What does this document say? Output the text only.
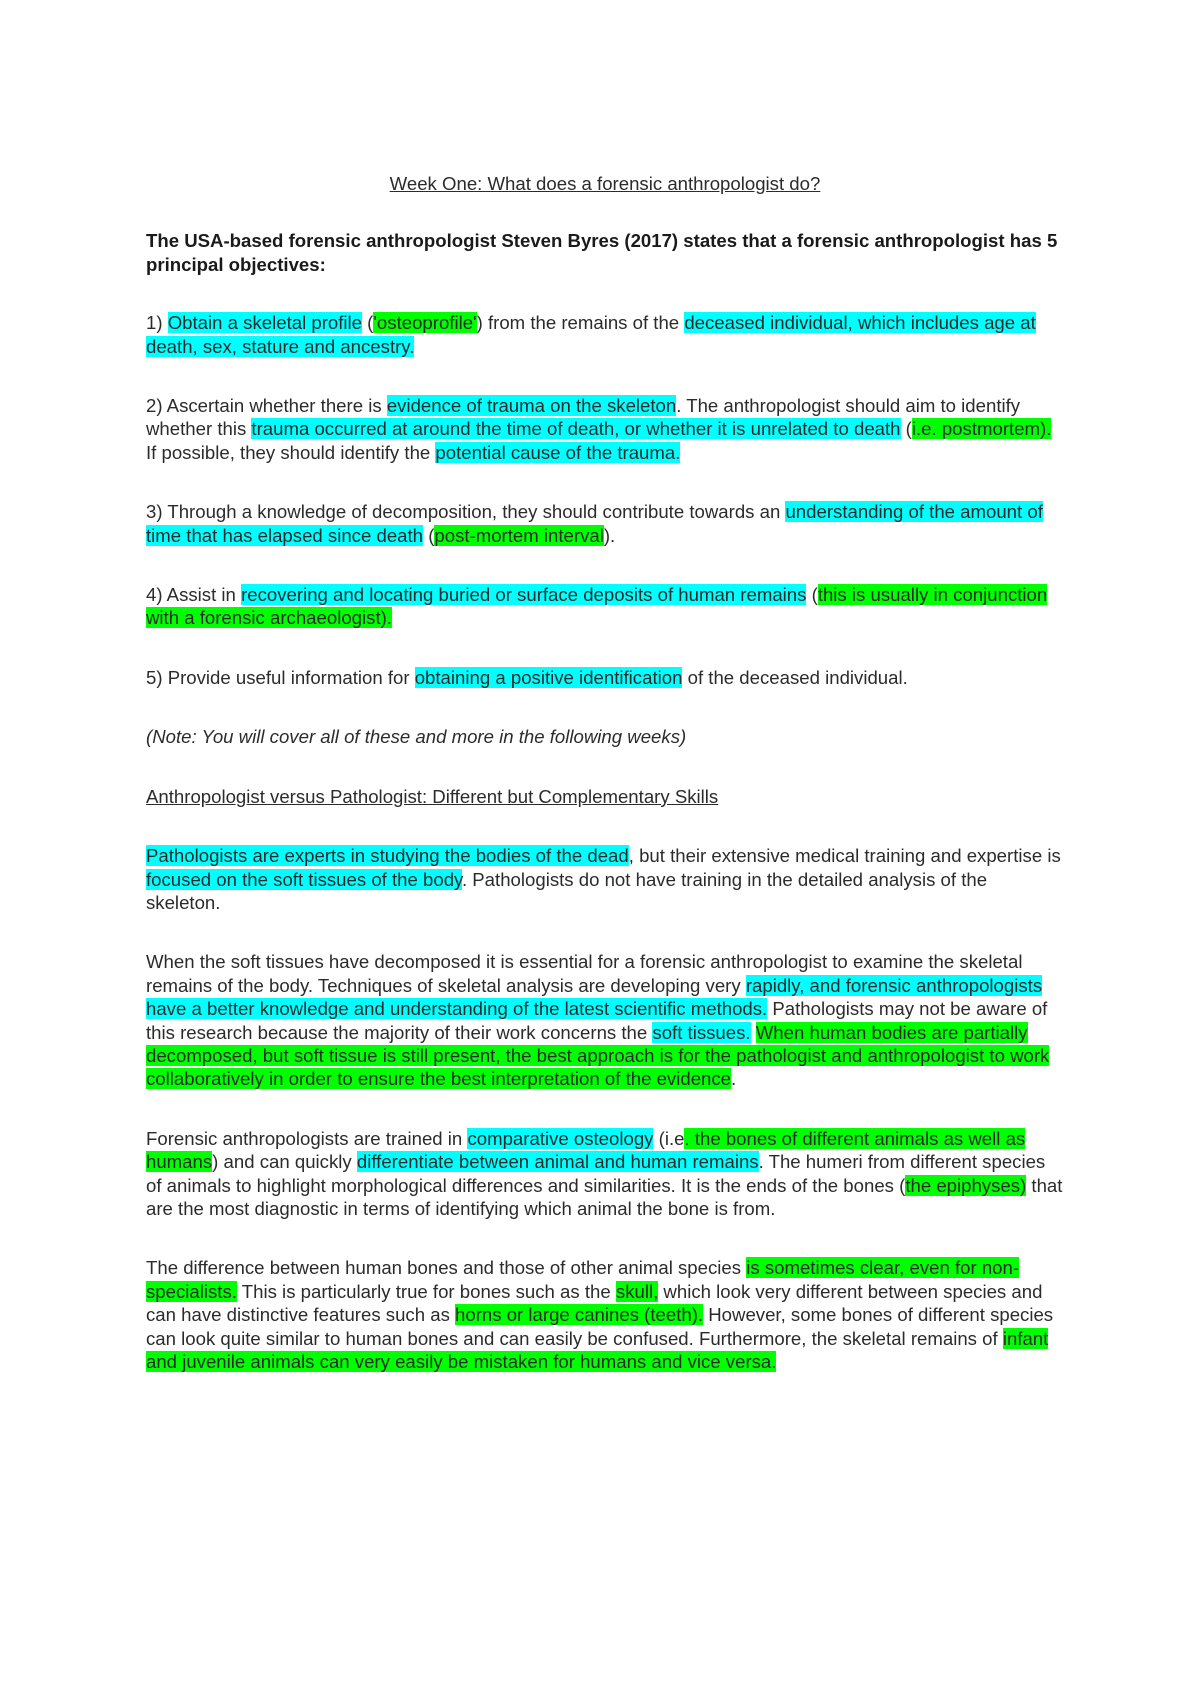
Week One: What does a forensic anthropologist do?

The USA-based forensic anthropologist Steven Byres (2017) states that a forensic anthropologist has 5 principal objectives:

1) Obtain a skeletal profile ('osteoprofile') from the remains of the deceased individual, which includes age at death, sex, stature and ancestry.

2) Ascertain whether there is evidence of trauma on the skeleton. The anthropologist should aim to identify whether this trauma occurred at around the time of death, or whether it is unrelated to death (i.e. postmortem). If possible, they should identify the potential cause of the trauma.

3) Through a knowledge of decomposition, they should contribute towards an understanding of the amount of time that has elapsed since death (post-mortem interval).

4) Assist in recovering and locating buried or surface deposits of human remains (this is usually in conjunction with a forensic archaeologist).

5) Provide useful information for obtaining a positive identification of the deceased individual.

(Note: You will cover all of these and more in the following weeks)

Anthropologist versus Pathologist: Different but Complementary Skills

Pathologists are experts in studying the bodies of the dead, but their extensive medical training and expertise is focused on the soft tissues of the body. Pathologists do not have training in the detailed analysis of the skeleton.

When the soft tissues have decomposed it is essential for a forensic anthropologist to examine the skeletal remains of the body. Techniques of skeletal analysis are developing very rapidly, and forensic anthropologists have a better knowledge and understanding of the latest scientific methods. Pathologists may not be aware of this research because the majority of their work concerns the soft tissues. When human bodies are partially decomposed, but soft tissue is still present, the best approach is for the pathologist and anthropologist to work collaboratively in order to ensure the best interpretation of the evidence.

Forensic anthropologists are trained in comparative osteology (i.e. the bones of different animals as well as humans) and can quickly differentiate between animal and human remains. The humeri from different species of animals to highlight morphological differences and similarities. It is the ends of the bones (the epiphyses) that are the most diagnostic in terms of identifying which animal the bone is from.

The difference between human bones and those of other animal species is sometimes clear, even for non-specialists. This is particularly true for bones such as the skull, which look very different between species and can have distinctive features such as horns or large canines (teeth). However, some bones of different species can look quite similar to human bones and can easily be confused. Furthermore, the skeletal remains of infant and juvenile animals can very easily be mistaken for humans and vice versa.
